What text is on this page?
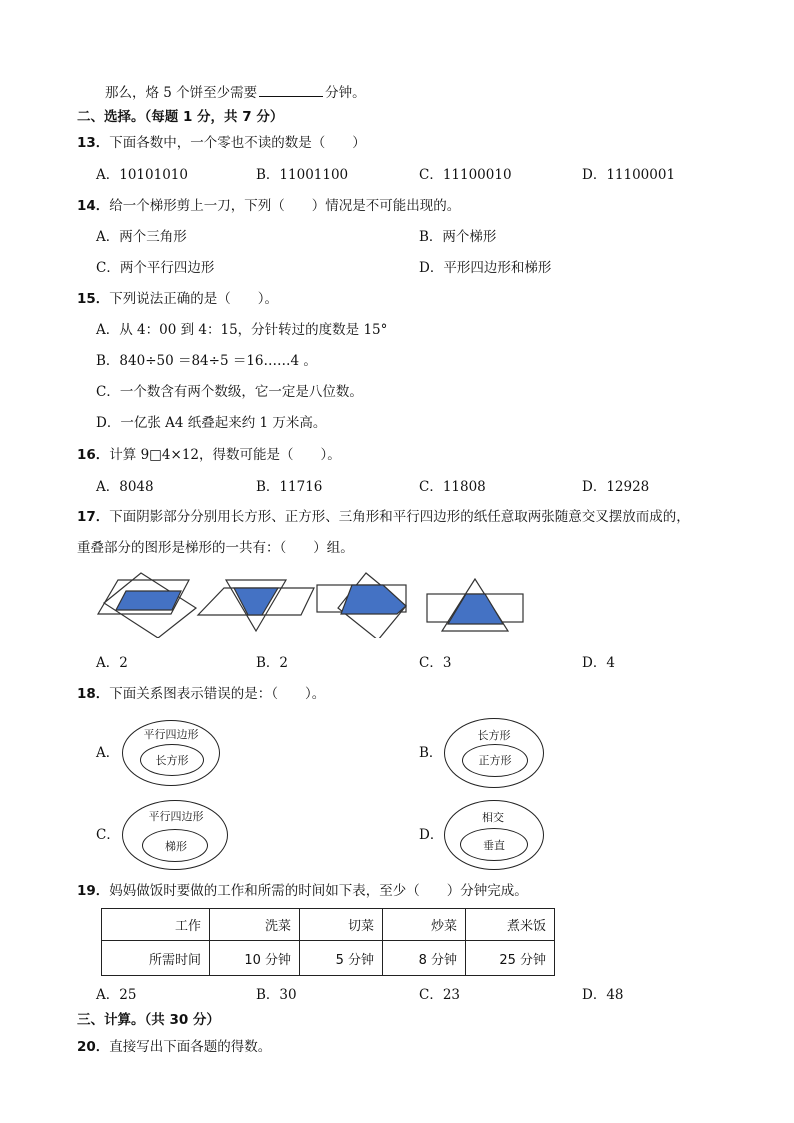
那么，烙 5 个饼至少需要	分钟。
二、选择。（每题 1 分，共 7 分）
13．下面各数中，一个零也不读的数是（　　）
A．10101010	B．11001100	C．11100010	D．11100001
14．给一个梯形剪上一刀，下列（　　）情况是不可能出现的。
A．两个三角形	B．两个梯形
C．两个平行四边形	D．平形四边形和梯形
15．下列说法正确的是（　　）。
A．从 4：00 到 4：15，分针转过的度数是 15°
B．840÷50 ＝84÷5 ＝16……4 。
C．一个数含有两个数级，它一定是八位数。
D．一亿张 A4 纸叠起来约 1 万米高。
16．计算 9□4×12，得数可能是（　　）。
A．8048	B．11716	C．11808	D．12928
17．下面阴影部分分别用长方形、正方形、三角形和平行四边形的纸任意取两张随意交叉摆放而成的，
重叠部分的图形是梯形的一共有：（　　）组。
A．2	B．2	C．3	D．4
18．下面关系图表示错误的是：（　　）。
A．
平行四边形
长方形	B．
长方形
正方形
C．
平行四边形
梯形
D．
相交
垂直
19．妈妈做饭时要做的工作和所需的时间如下表，至少（　　）分钟完成。
工作	洗菜	切菜	炒菜	煮米饭
所需时间	10 分钟	5 分钟	8 分钟	25 分钟
A．25	B．30	C．23	D．48
三、计算。（共 30 分）
20．直接写出下面各题的得数。
